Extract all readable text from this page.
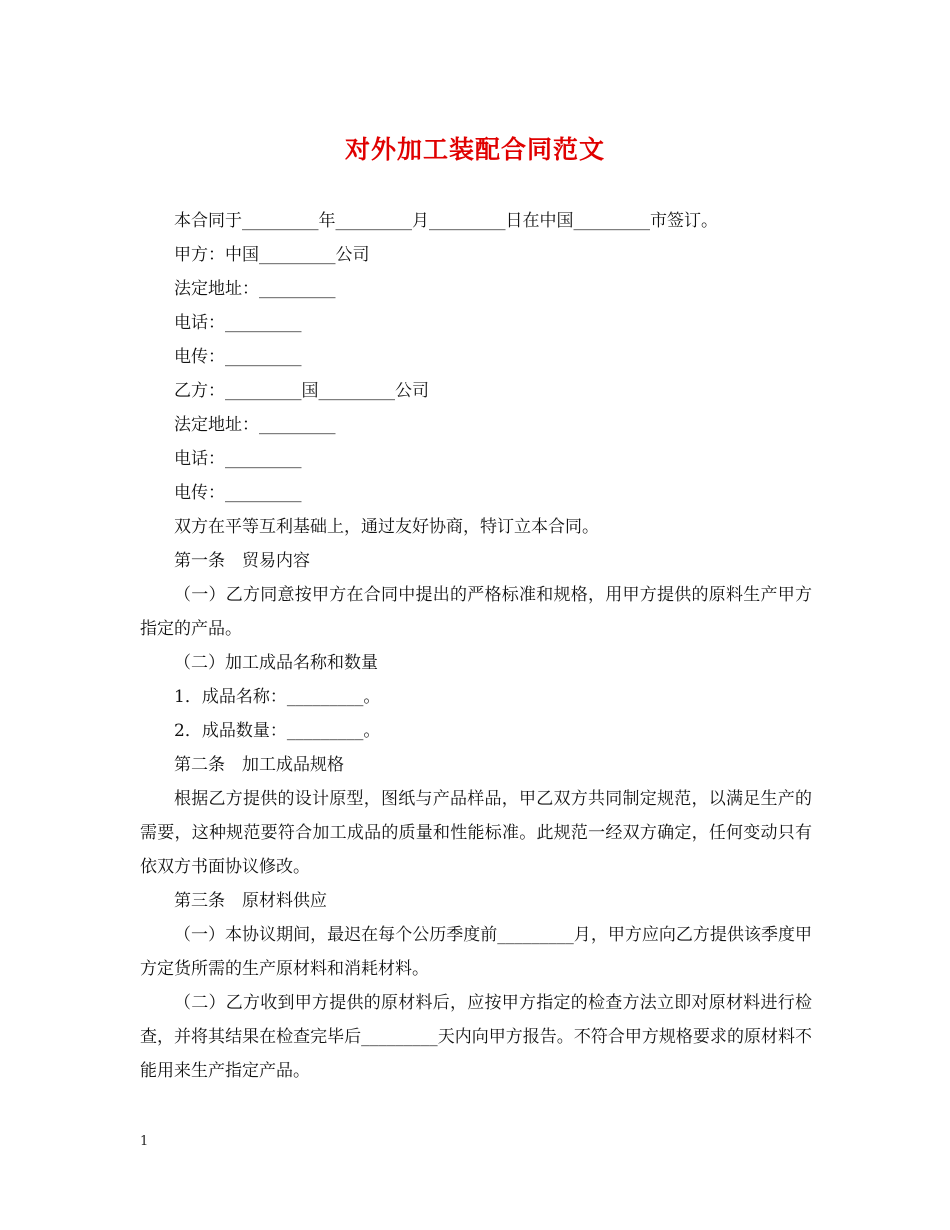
对外加工装配合同范文

本合同于_________年_________月_________日在中国_________市签订。

甲方：中国_________公司

法定地址：_________

电话：_________

电传：_________

乙方：_________国_________公司

法定地址：_________

电话：_________

电传：_________

双方在平等互利基础上，通过友好协商，特订立本合同。

第一条　贸易内容

（一）乙方同意按甲方在合同中提出的严格标准和规格，用甲方提供的原料生产甲方指定的产品。

（二）加工成品名称和数量

1．成品名称：_________。

2．成品数量：_________。

第二条　加工成品规格

根据乙方提供的设计原型，图纸与产品样品，甲乙双方共同制定规范，以满足生产的需要，这种规范要符合加工成品的质量和性能标准。此规范一经双方确定，任何变动只有依双方书面协议修改。

第三条　原材料供应

（一）本协议期间，最迟在每个公历季度前_________月，甲方应向乙方提供该季度甲方定货所需的生产原材料和消耗材料。

（二）乙方收到甲方提供的原材料后，应按甲方指定的检查方法立即对原材料进行检查，并将其结果在检查完毕后_________天内向甲方报告。不符合甲方规格要求的原材料不能用来生产指定产品。

1
